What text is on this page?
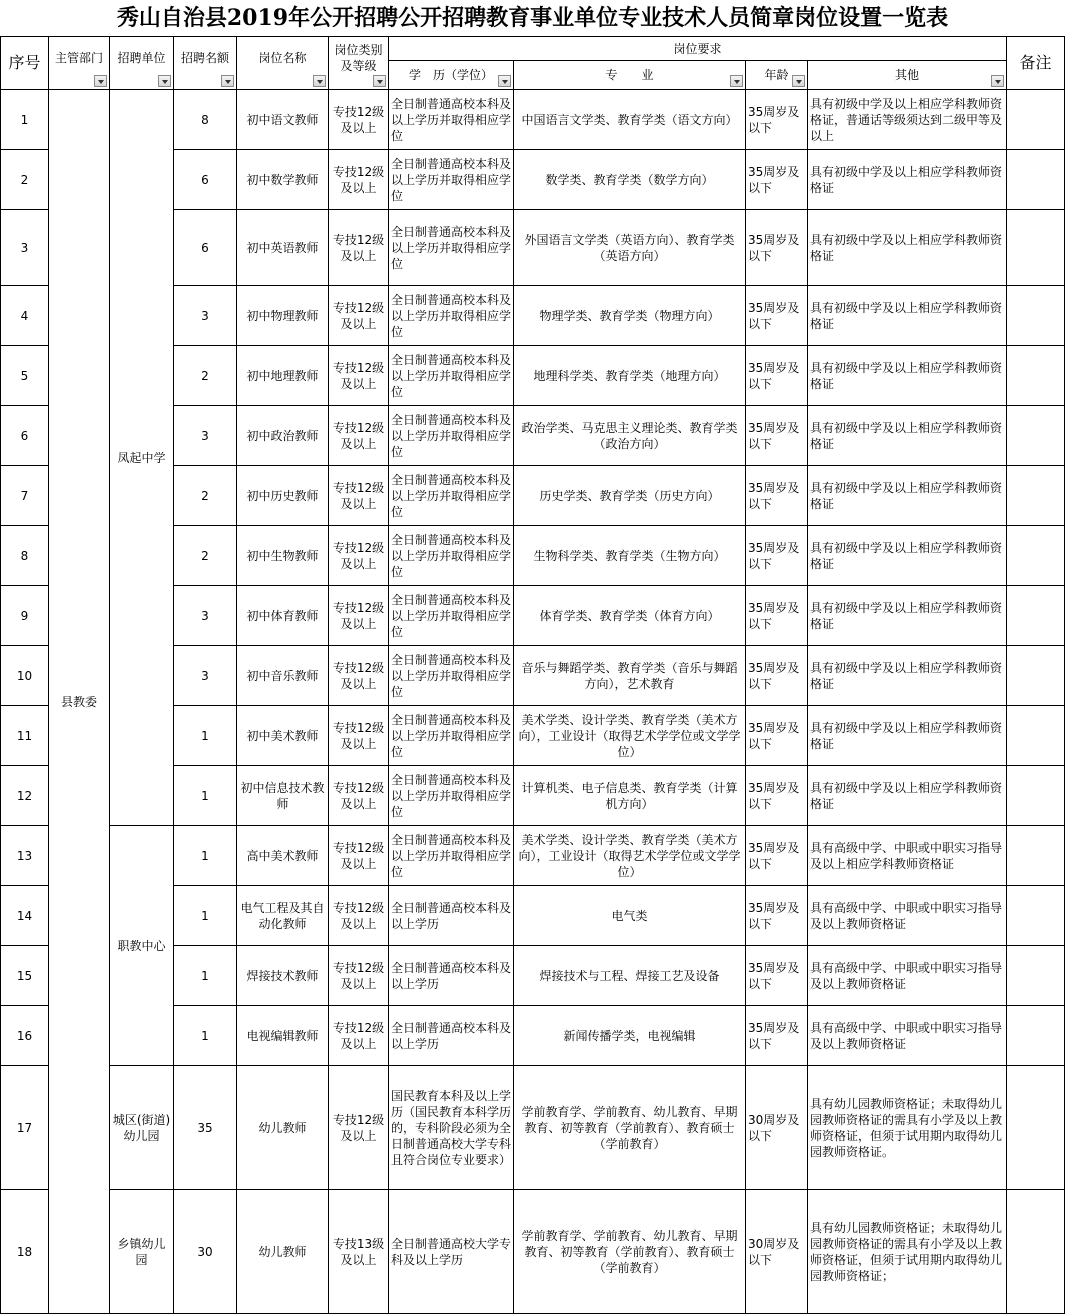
秀山自治县2019年公开招聘公开招聘教育事业单位专业技术人员简章岗位设置一览表
序号	主管部门	招聘单位	招聘名额	岗位名称	岗位类别及等级	岗位要求				备注
						学　历（学位）	专　　业	年龄	其他	

1	县教委	凤起中学	8	初中语文教师	专技12级及以上	全日制普通高校本科及以上学历并取得相应学位	中国语言文学类、教育学类（语文方向）	35周岁及以下	具有初级中学及以上相应学科教师资格证，普通话等级须达到二级甲等及以上	
2			6	初中数学教师	专技12级及以上	全日制普通高校本科及以上学历并取得相应学位	数学类、教育学类（数学方向）	35周岁及以下	具有初级中学及以上相应学科教师资格证	
3			6	初中英语教师	专技12级及以上	全日制普通高校本科及以上学历并取得相应学位	外国语言文学类（英语方向）、教育学类（英语方向）	35周岁及以下	具有初级中学及以上相应学科教师资格证	
4			3	初中物理教师	专技12级及以上	全日制普通高校本科及以上学历并取得相应学位	物理学类、教育学类（物理方向）	35周岁及以下	具有初级中学及以上相应学科教师资格证	
5			2	初中地理教师	专技12级及以上	全日制普通高校本科及以上学历并取得相应学位	地理科学类、教育学类（地理方向）	35周岁及以下	具有初级中学及以上相应学科教师资格证	
6			3	初中政治教师	专技12级及以上	全日制普通高校本科及以上学历并取得相应学位	政治学类、马克思主义理论类、教育学类（政治方向）	35周岁及以下	具有初级中学及以上相应学科教师资格证	
7			2	初中历史教师	专技12级及以上	全日制普通高校本科及以上学历并取得相应学位	历史学类、教育学类（历史方向）	35周岁及以下	具有初级中学及以上相应学科教师资格证	
8			2	初中生物教师	专技12级及以上	全日制普通高校本科及以上学历并取得相应学位	生物科学类、教育学类（生物方向）	35周岁及以下	具有初级中学及以上相应学科教师资格证	
9			3	初中体育教师	专技12级及以上	全日制普通高校本科及以上学历并取得相应学位	体育学类、教育学类（体育方向）	35周岁及以下	具有初级中学及以上相应学科教师资格证	
10			3	初中音乐教师	专技12级及以上	全日制普通高校本科及以上学历并取得相应学位	音乐与舞蹈学类、教育学类（音乐与舞蹈方向），艺术教育	35周岁及以下	具有初级中学及以上相应学科教师资格证	
11			1	初中美术教师	专技12级及以上	全日制普通高校本科及以上学历并取得相应学位	美术学类、设计学类、教育学类（美术方向），工业设计（取得艺术学学位或文学学位）	35周岁及以下	具有初级中学及以上相应学科教师资格证	
12			1	初中信息技术教师	专技12级及以上	全日制普通高校本科及以上学历并取得相应学位	计算机类、电子信息类、教育学类（计算机方向）	35周岁及以下	具有初级中学及以上相应学科教师资格证	
13		职教中心	1	高中美术教师	专技12级及以上	全日制普通高校本科及以上学历并取得相应学位	美术学类、设计学类、教育学类（美术方向），工业设计（取得艺术学学位或文学学位）	35周岁及以下	具有高级中学、中职或中职实习指导及以上相应学科教师资格证	
14			1	电气工程及其自动化教师	专技12级及以上	全日制普通高校本科及以上学历	电气类	35周岁及以下	具有高级中学、中职或中职实习指导及以上教师资格证	
15			1	焊接技术教师	专技12级及以上	全日制普通高校本科及以上学历	焊接技术与工程、焊接工艺及设备	35周岁及以下	具有高级中学、中职或中职实习指导及以上教师资格证	
16			1	电视编辑教师	专技12级及以上	全日制普通高校本科及以上学历	新闻传播学类，电视编辑	35周岁及以下	具有高级中学、中职或中职实习指导及以上教师资格证	
17		城区(街道)幼儿园	35	幼儿教师	专技12级及以上	国民教育本科及以上学历（国民教育本科学历的，专科阶段必须为全日制普通高校大学专科且符合岗位专业要求）	学前教育学、学前教育、幼儿教育、早期教育、初等教育（学前教育）、教育硕士（学前教育）	30周岁及以下	具有幼儿园教师资格证；未取得幼儿园教师资格证的需具有小学及以上教师资格证，但须于试用期内取得幼儿园教师资格证。	
18		乡镇幼儿园	30	幼儿教师	专技13级及以上	全日制普通高校大学专科及以上学历	学前教育学、学前教育、幼儿教育、早期教育、初等教育（学前教育）、教育硕士（学前教育）	30周岁及以下	具有幼儿园教师资格证；未取得幼儿园教师资格证的需具有小学及以上教师资格证，但须于试用期内取得幼儿园教师资格证；	
